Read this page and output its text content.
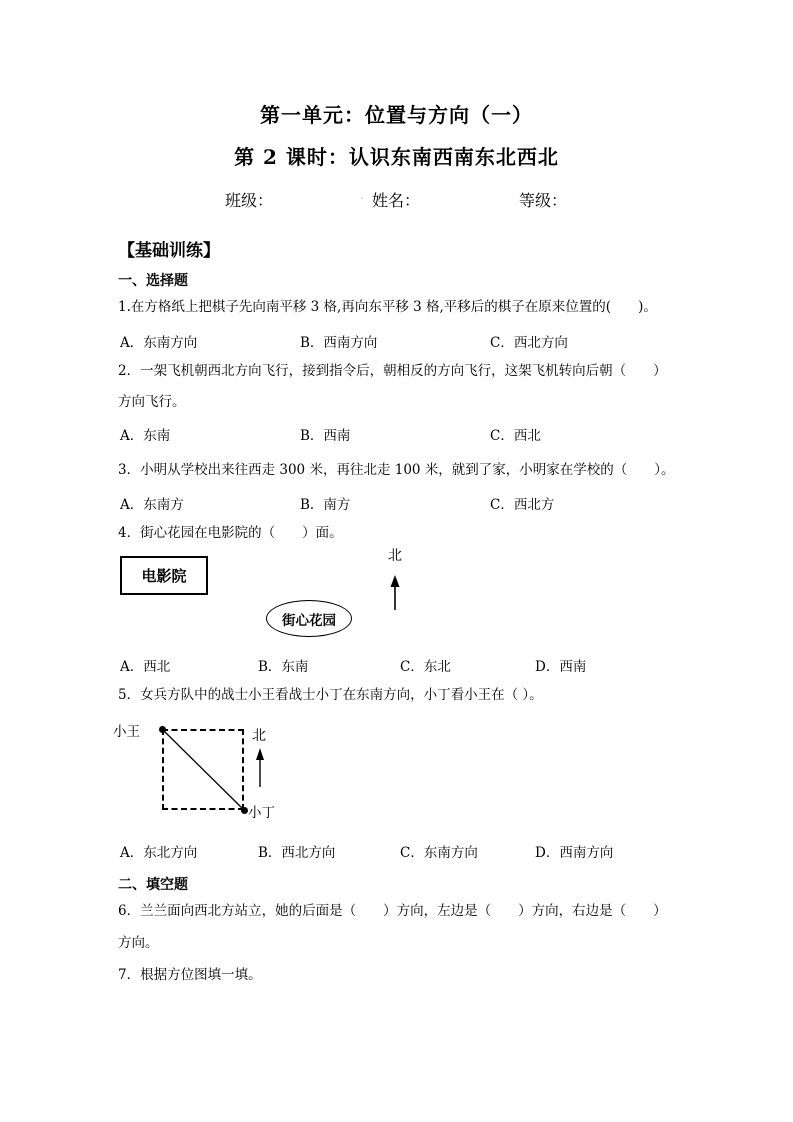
第一单元：位置与方向（一）
第 2 课时：认识东南西南东北西北
班级：	. 姓名：	等级：
【基础训练】
一、选择题
1.在方格纸上把棋子先向南平移 3 格,再向东平移 3 格,平移后的棋子在原来位置的(　　)。
A．东南方向	B．西南方向	C．西北方向
2．一架飞机朝西北方向飞行，接到指令后，朝相反的方向飞行，这架飞机转向后朝（　　）
方向飞行。
A．东南	B．西南	C．西北
3．小明从学校出来往西走 300 米，再往北走 100 米，就到了家，小明家在学校的（　　）。
A．东南方	B．南方	C．西北方
4．街心花园在电影院的（　　）面。
电影院
街心花园
北
A．西北	B．东南	C．东北	D．西南
5．女兵方队中的战士小王看战士小丁在东南方向，小丁看小王在（ ）。
小王
小丁
北
A．东北方向	B．西北方向	C．东南方向	D．西南方向
二、填空题
6．兰兰面向西北方站立，她的后面是（　　）方向，左边是（　　）方向，右边是（　　）
方向。
7．根据方位图填一填。
